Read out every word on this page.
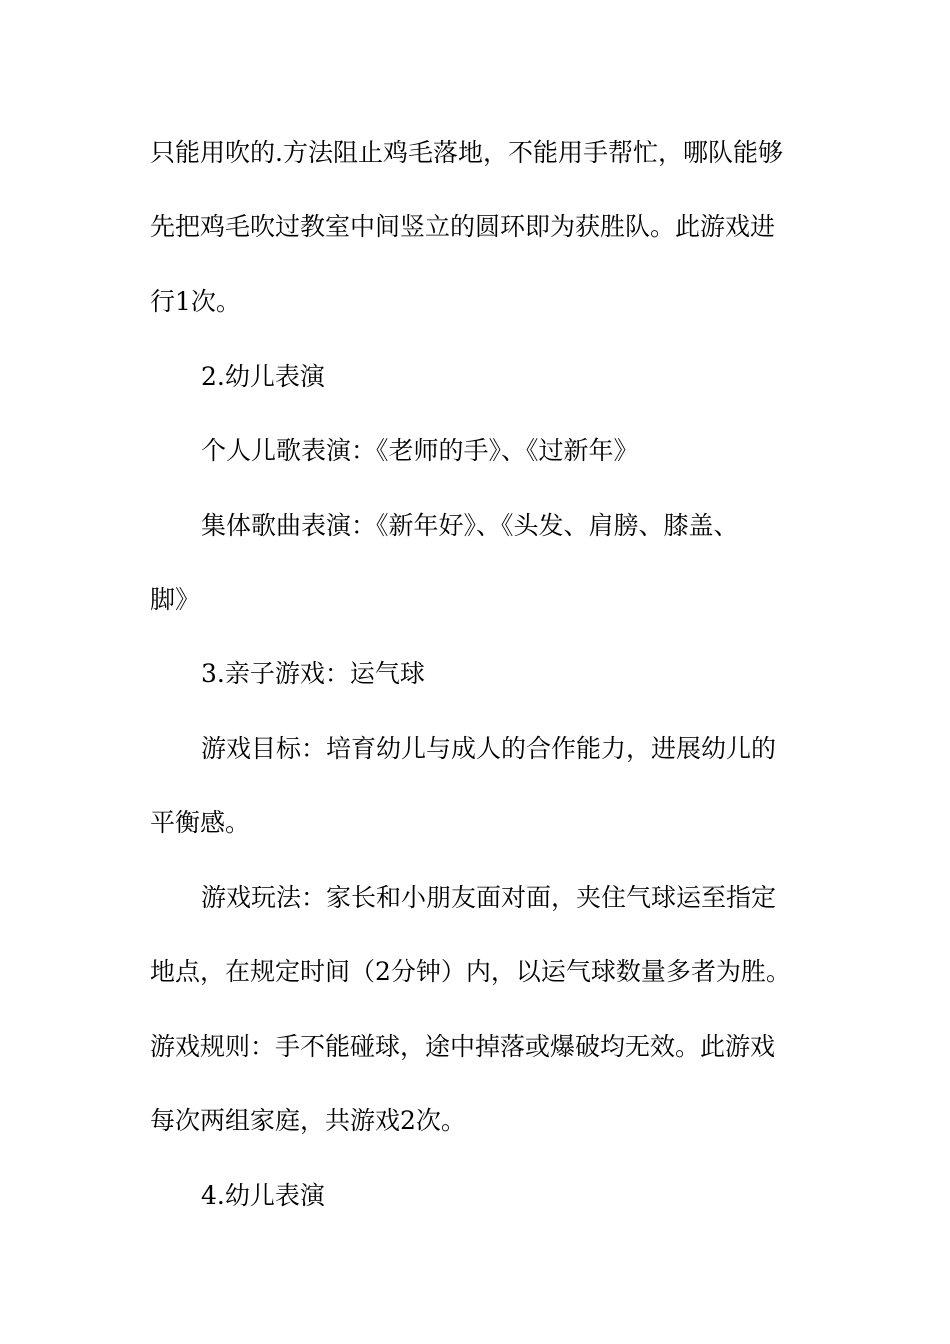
只能用吹的.方法阻止鸡毛落地，不能用手帮忙，哪队能够

先把鸡毛吹过教室中间竖立的圆环即为获胜队。此游戏进

行1次。

2.幼儿表演

个人儿歌表演：《老师的手》、《过新年》

集体歌曲表演：《新年好》、《头发、肩膀、膝盖、

脚》

3.亲子游戏：运气球

游戏目标：培育幼儿与成人的合作能力，进展幼儿的

平衡感。

游戏玩法：家长和小朋友面对面，夹住气球运至指定

地点，在规定时间（2分钟）内，以运气球数量多者为胜。

游戏规则：手不能碰球，途中掉落或爆破均无效。此游戏

每次两组家庭，共游戏2次。

4.幼儿表演
